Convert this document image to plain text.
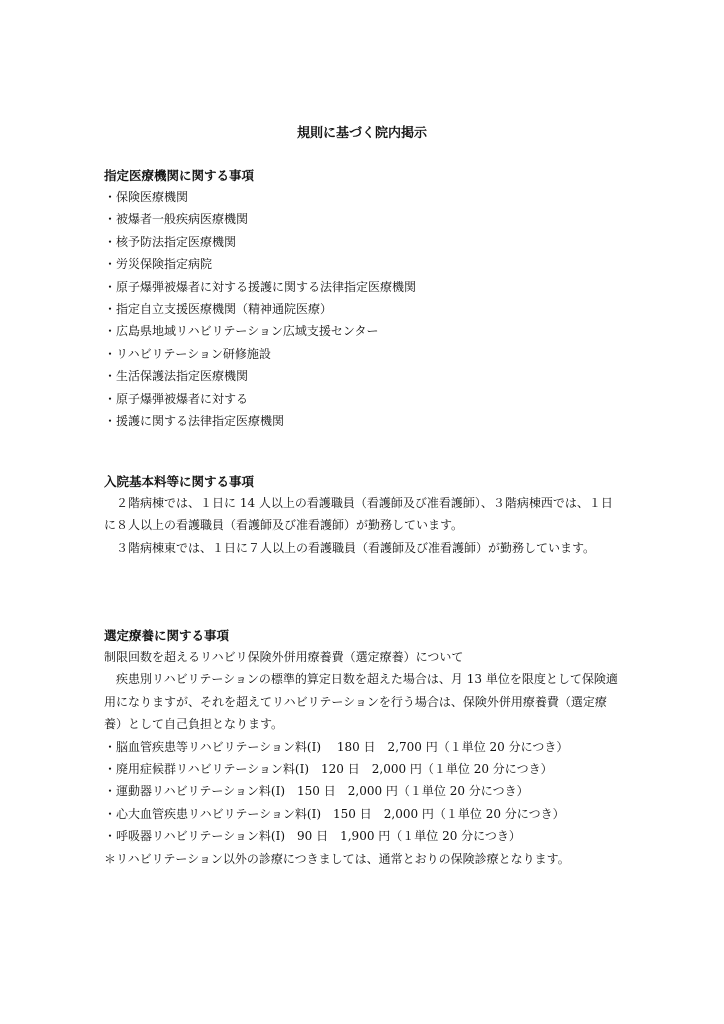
規則に基づく院内掲示

指定医療機関に関する事項

・保険医療機関

・被爆者一般疾病医療機関

・核予防法指定医療機関

・労災保険指定病院

・原子爆弾被爆者に対する援護に関する法律指定医療機関

・指定自立支援医療機関（精神通院医療）

・広島県地域リハビリテーション広域支援センター

・リハビリテーション研修施設

・生活保護法指定医療機関

・原子爆弾被爆者に対する

・援護に関する法律指定医療機関

入院基本料等に関する事項

２階病棟では、１日に 14 人以上の看護職員（看護師及び准看護師）、３階病棟西では、１日に８人以上の看護職員（看護師及び准看護師）が勤務しています。

３階病棟東では、１日に７人以上の看護職員（看護師及び准看護師）が勤務しています。

選定療養に関する事項

制限回数を超えるリハビリ保険外併用療養費（選定療養）について

疾患別リハビリテーションの標準的算定日数を超えた場合は、月 13 単位を限度として保険適用になりますが、それを超えてリハビリテーションを行う場合は、保険外併用療養費（選定療養）として自己負担となります。

・脳血管疾患等リハビリテーション料(Ⅰ)　 180 日　2,700 円（１単位 20 分につき）

・廃用症候群リハビリテーション料(Ⅰ)　120 日　2,000 円（１単位 20 分につき）

・運動器リハビリテーション料(Ⅰ)　150 日　2,000 円（１単位 20 分につき）

・心大血管疾患リハビリテーション料(Ⅰ)　150 日　2,000 円（１単位 20 分につき）

・呼吸器リハビリテーション料(Ⅰ)　90 日　1,900 円（１単位 20 分につき）

＊リハビリテーション以外の診療につきましては、通常とおりの保険診療となります。
